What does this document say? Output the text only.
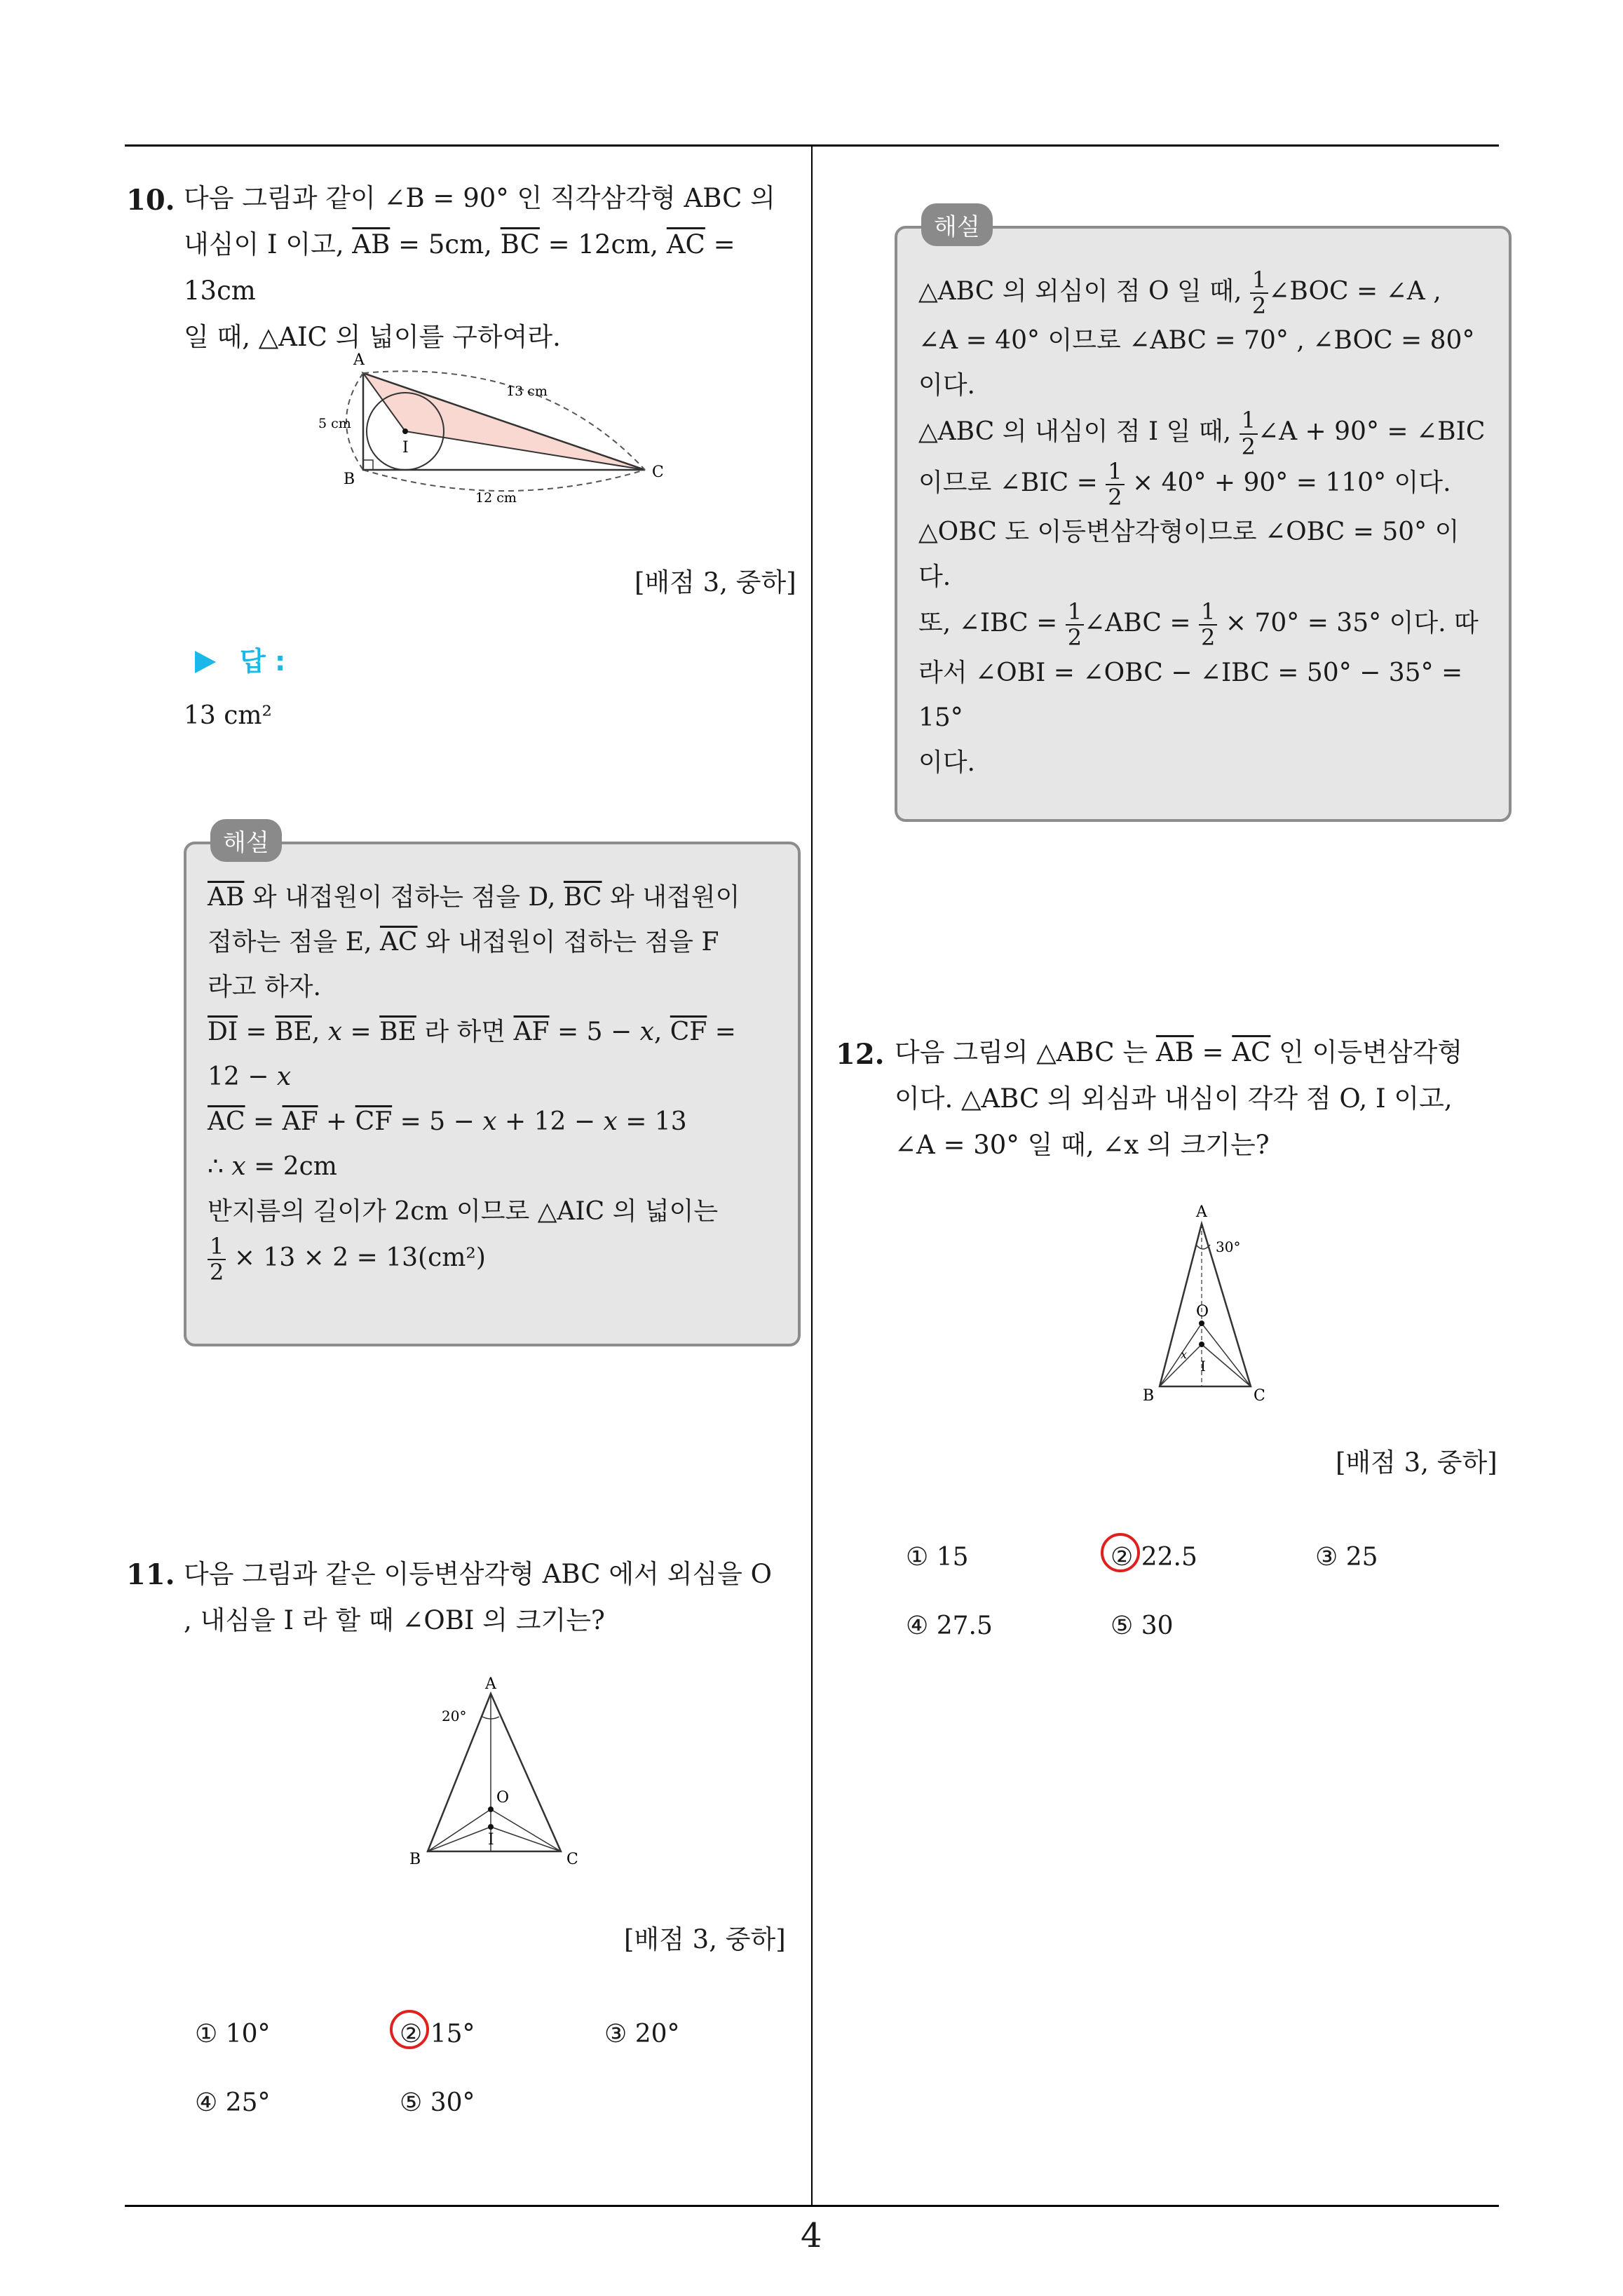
4
10. 다음 그림과 같이 ∠B = 90° 인 직각삼각형 ABC 의
내심이 I 이고, $\overline{AB} = 5cm$, $\overline{BC} = 12cm$, $\overline{AC} = 13cm$
일 때, △AIC 의 넓이를 구하여라.
A
B	C
I
5 cm
12 cm
13 cm
[배점 3, 중하]
답 :
13 cm²
해설
$\overline{AB}$ 와 내접원이 접하는 점을 D, $\overline{BC}$ 와 내접원이
접하는 점을 E, $\overline{AC}$ 와 내접원이 접하는 점을 F
라고 하자.
$\overline{DI} = \overline{BE}$, $x = \overline{BE}$ 라 하면 $\overline{AF} = 5 - x$, $\overline{CF}$ =
12 − x
$\overline{AC} = \overline{AF} + \overline{CF} = 5 - x + 12 - x = 13$
∴ x = 2cm
반지름의 길이가 2cm 이므로 △AIC 의 넓이는
$\frac{1}{2} \times 13 \times 2 = 13(cm^2)$
11. 다음 그림과 같은 이등변삼각형 ABC 에서 외심을 O
, 내심을 I 라 할 때 ∠OBI 의 크기는?
A
B	C
O
I
20°
[배점 3, 중하]
① 10°	② 15°	③ 20°
④ 25°	⑤ 30°
해설
△ABC 의 외심이 점 O 일 때, $\frac{1}{2}$ ∠BOC = ∠A ,
∠A = 40° 이므로 ∠ABC = 70° , ∠BOC = 80°
이다.
△ABC 의 내심이 점 I 일 때, $\frac{1}{2}$ ∠A + 90° = ∠BIC
이므로 ∠BIC = $\frac{1}{2} \times 40^\circ + 90^\circ = 110^\circ$ 이다.
△OBC 도 이등변삼각형이므로 ∠OBC = 50° 이
다.
또, ∠IBC = $\frac{1}{2}$ ∠ABC = $\frac{1}{2} \times 70^\circ = 35^\circ$ 이다. 따
라서 ∠OBI = ∠OBC − ∠IBC = 50° − 35° = 15°
이다.
12. 다음 그림의 △ABC 는 $\overline{AB} = \overline{AC}$ 인 이등변삼각형
이다. △ABC 의 외심과 내심이 각각 점 O, I 이고,
∠A = 30° 일 때, ∠x 의 크기는?
A
B	C
O
I
30°
x
[배점 3, 중하]
① 15	② 22.5	③ 25
④ 27.5	⑤ 30
